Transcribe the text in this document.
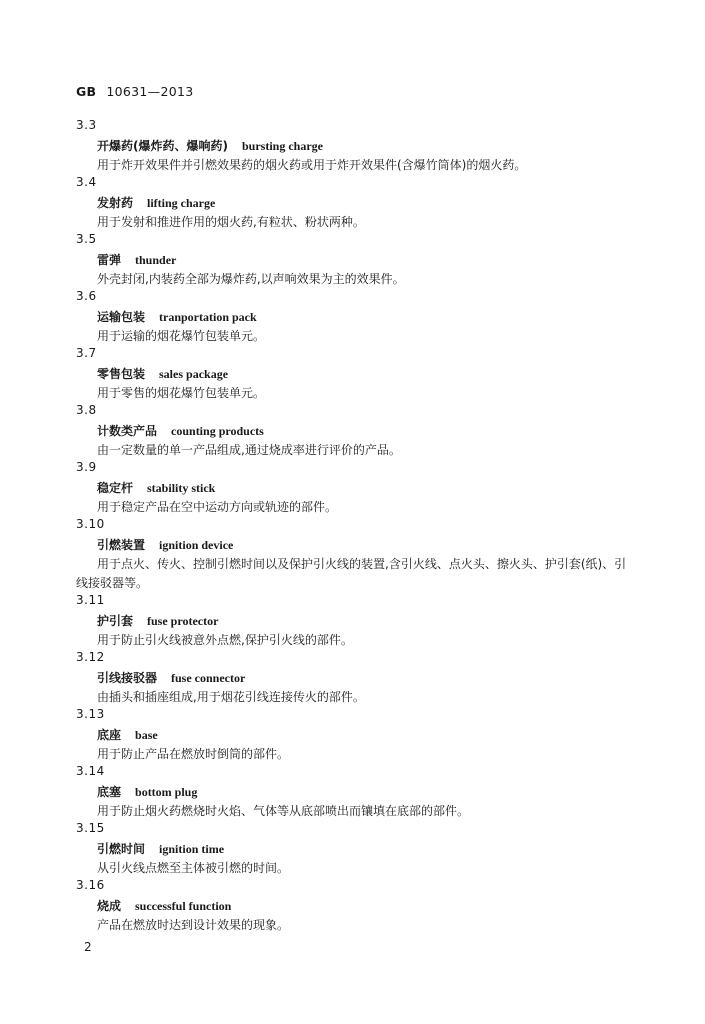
GB 10631—2013
3.3
开爆药(爆炸药、爆响药) bursting charge
用于炸开效果件并引燃效果药的烟火药或用于炸开效果件(含爆竹筒体)的烟火药。
3.4
发射药 lifting charge
用于发射和推进作用的烟火药,有粒状、粉状两种。
3.5
雷弹 thunder
外壳封闭,内装药全部为爆炸药,以声响效果为主的效果件。
3.6
运输包装 tranportation pack
用于运输的烟花爆竹包装单元。
3.7
零售包装 sales package
用于零售的烟花爆竹包装单元。
3.8
计数类产品 counting products
由一定数量的单一产品组成,通过烧成率进行评价的产品。
3.9
稳定杆 stability stick
用于稳定产品在空中运动方向或轨迹的部件。
3.10
引燃装置 ignition device
用于点火、传火、控制引燃时间以及保护引火线的装置,含引火线、点火头、擦火头、护引套(纸)、引
线接驳器等。
3.11
护引套 fuse protector
用于防止引火线被意外点燃,保护引火线的部件。
3.12
引线接驳器 fuse connector
由插头和插座组成,用于烟花引线连接传火的部件。
3.13
底座 base
用于防止产品在燃放时倒筒的部件。
3.14
底塞 bottom plug
用于防止烟火药燃烧时火焰、气体等从底部喷出而镶填在底部的部件。
3.15
引燃时间 ignition time
从引火线点燃至主体被引燃的时间。
3.16
烧成 successful function
产品在燃放时达到设计效果的现象。
2
